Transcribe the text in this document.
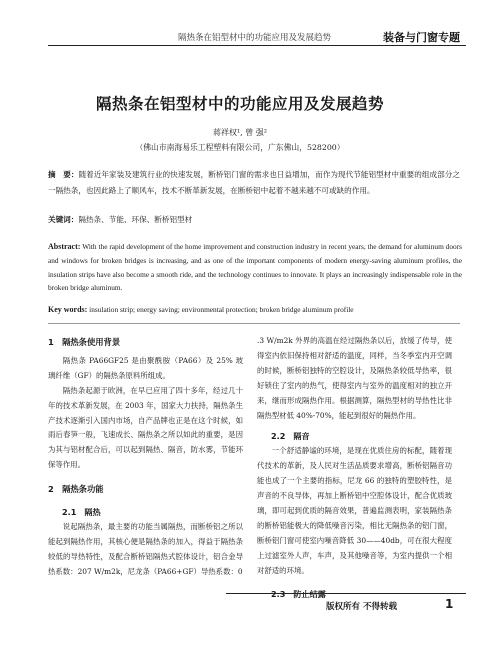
隔热条在铝型材中的功能应用及发展趋势	装备与门窗专题
隔热条在铝型材中的功能应用及发展趋势
蒋祥权¹, 曾 强²
（佛山市南海易乐工程塑料有限公司，广东佛山，528200）
摘　要：随着近年家装及建筑行业的快速发展，断桥铝门窗的需求也日益增加，而作为现代节能铝型材中重要的组成部分之一隔热条，也因此路上了顺风车，技术不断革新发展，在断桥铝中起着不越来越不可或缺的作用。
关键词：隔热条、节能、环保、断桥铝型材
Abstract: With the rapid development of the home improvement and construction industry in recent years, the demand for aluminum doors and windows for broken bridges is increasing, and as one of the important components of modern energy-saving aluminum profiles, the insulation strips have also become a smooth ride, and the technology continues to innovate. It plays an increasingly indispensable role in the broken bridge aluminum.
Key words: insulation strip; energy saving; environmental protection; broken bridge aluminum profile
1　隔热条使用背景

隔热条 PA66GF25 是由聚酰胺（PA66）及 25% 玻璃纤维（GF）的隔热条原料所组成。

隔热条起源于欧洲，在早已应用了四十多年，经过几十年的技术革新发展，在 2003 年，国家大力扶持，隔热条生产技术逐渐引入国内市场，自产品牌也正是在这个时候，如雨后春笋一般，飞速成长、隔热条之所以如此的重要，是因为其与铝材配合后，可以起到隔热、隔音，防水雾，节能环保等作用。

2　隔热条功能
2.1　隔热

说起隔热条，最主要的功能当属隔热，而断桥铝之所以能起到隔热作用，其核心便是隔热条的加入，得益于隔热条较低的导热特性，及配合断桥铝隔热式腔体设计，铝合金导热系数：207 W/m2k，尼龙条（PA66+GF）导热系数：0

.3 W/m2k 外界的高温在经过隔热条以后，放缓了传导，使得室内依旧保持相对舒适的温度，同样，当冬季室内开空调的时候，断桥铝独特的空腔设计，及隔热条较低导热率，很好锁住了室内的热气，使得室内与室外的温度相对的独立开来，继而形成隔热作用。根据测算，隔热型材的导热性比非隔热型材低 40%-70%，能起到很好的隔热作用。

2.2　隔音

一个舒适静谧的环境，是现在优质住房的标配，随着现代技术的革新，及人民对生活品质要求增高，断桥铝隔音功能也成了一个主要的指标，尼龙 66 的独特的塑胶特性，是声音的不良导体，再加上断桥铝中空腔体设计，配合优质玻璃，即可起到优质的隔音效果，普遍监测表明，家装隔热条的断桥铝能极大的降低噪音污染，相比无隔热条的铝门窗，断桥铝门窗可使室内噪音降低 30——40db，可在很大程度上过滤室外人声，车声，及其他噪音等，为室内提供一个相对舒适的环境。

2.3　防止结露
版权所有 不得转载	1
